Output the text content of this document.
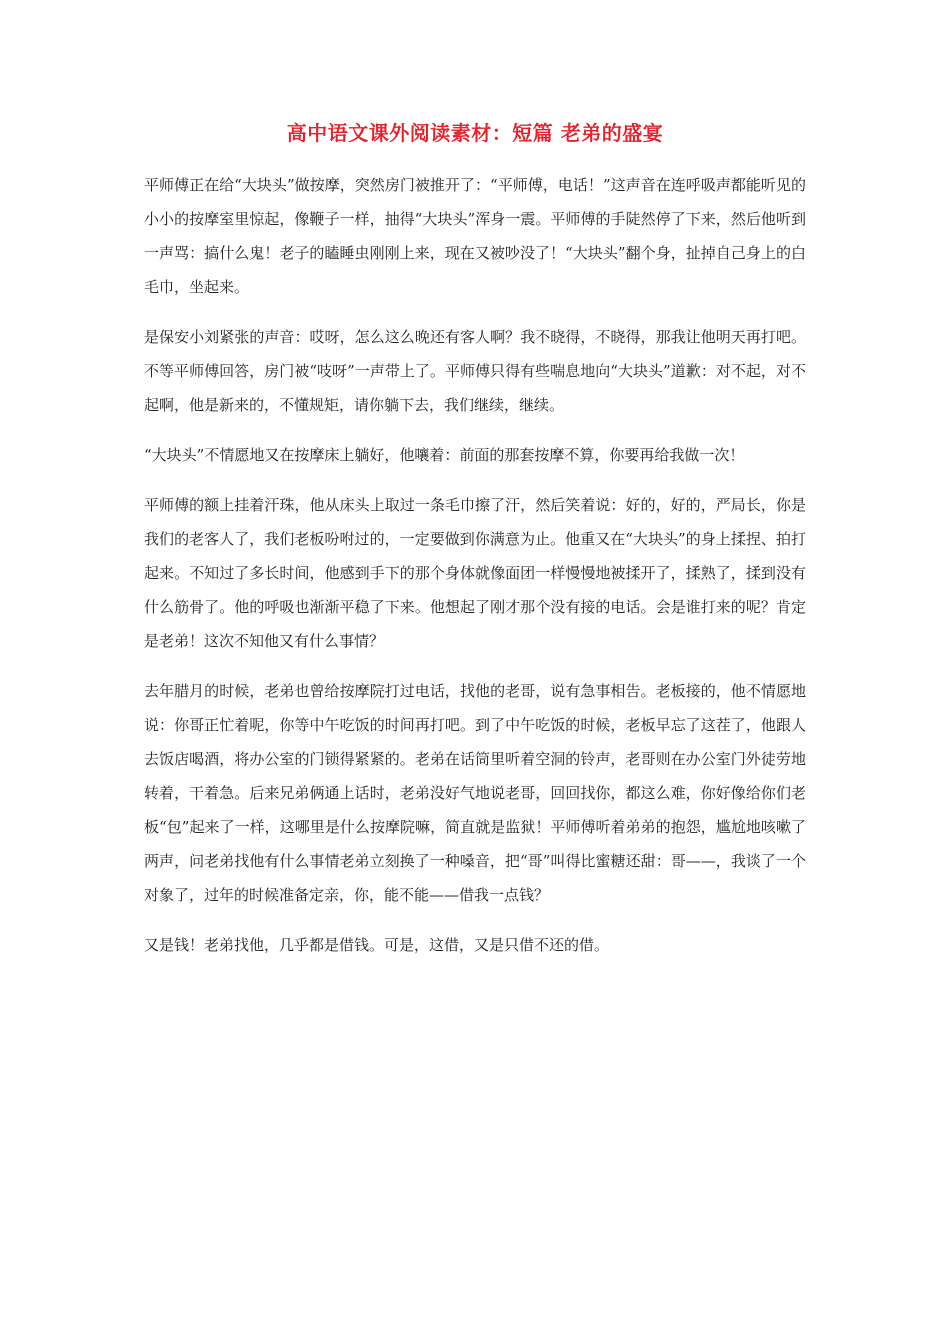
高中语文课外阅读素材：短篇 老弟的盛宴

平师傅正在给“大块头”做按摩，突然房门被推开了：“平师傅，电话！”这声音在连呼吸声都能听见的小小的按摩室里惊起，像鞭子一样，抽得“大块头”浑身一震。平师傅的手陡然停了下来，然后他听到一声骂：搞什么鬼！老子的瞌睡虫刚刚上来，现在又被吵没了！“大块头”翻个身，扯掉自己身上的白毛巾，坐起来。

是保安小刘紧张的声音：哎呀，怎么这么晚还有客人啊？我不晓得，不晓得，那我让他明天再打吧。不等平师傅回答，房门被“吱呀”一声带上了。平师傅只得有些喘息地向“大块头”道歉：对不起，对不起啊，他是新来的，不懂规矩，请你躺下去，我们继续，继续。

“大块头”不情愿地又在按摩床上躺好，他嚷着：前面的那套按摩不算，你要再给我做一次！

平师傅的额上挂着汗珠，他从床头上取过一条毛巾擦了汗，然后笑着说：好的，好的，严局长，你是我们的老客人了，我们老板吩咐过的，一定要做到你满意为止。他重又在“大块头”的身上揉捏、拍打起来。不知过了多长时间，他感到手下的那个身体就像面团一样慢慢地被揉开了，揉熟了，揉到没有什么筋骨了。他的呼吸也渐渐平稳了下来。他想起了刚才那个没有接的电话。会是谁打来的呢？肯定是老弟！这次不知他又有什么事情？

去年腊月的时候，老弟也曾给按摩院打过电话，找他的老哥，说有急事相告。老板接的，他不情愿地说：你哥正忙着呢，你等中午吃饭的时间再打吧。到了中午吃饭的时候，老板早忘了这茬了，他跟人去饭店喝酒，将办公室的门锁得紧紧的。老弟在话筒里听着空洞的铃声，老哥则在办公室门外徒劳地转着，干着急。后来兄弟俩通上话时，老弟没好气地说老哥，回回找你，都这么难，你好像给你们老板“包”起来了一样，这哪里是什么按摩院嘛，简直就是监狱！平师傅听着弟弟的抱怨，尴尬地咳嗽了两声，问老弟找他有什么事情老弟立刻换了一种嗓音，把“哥”叫得比蜜糖还甜：哥——，我谈了一个对象了，过年的时候准备定亲，你，能不能——借我一点钱？

又是钱！老弟找他，几乎都是借钱。可是，这借，又是只借不还的借。
